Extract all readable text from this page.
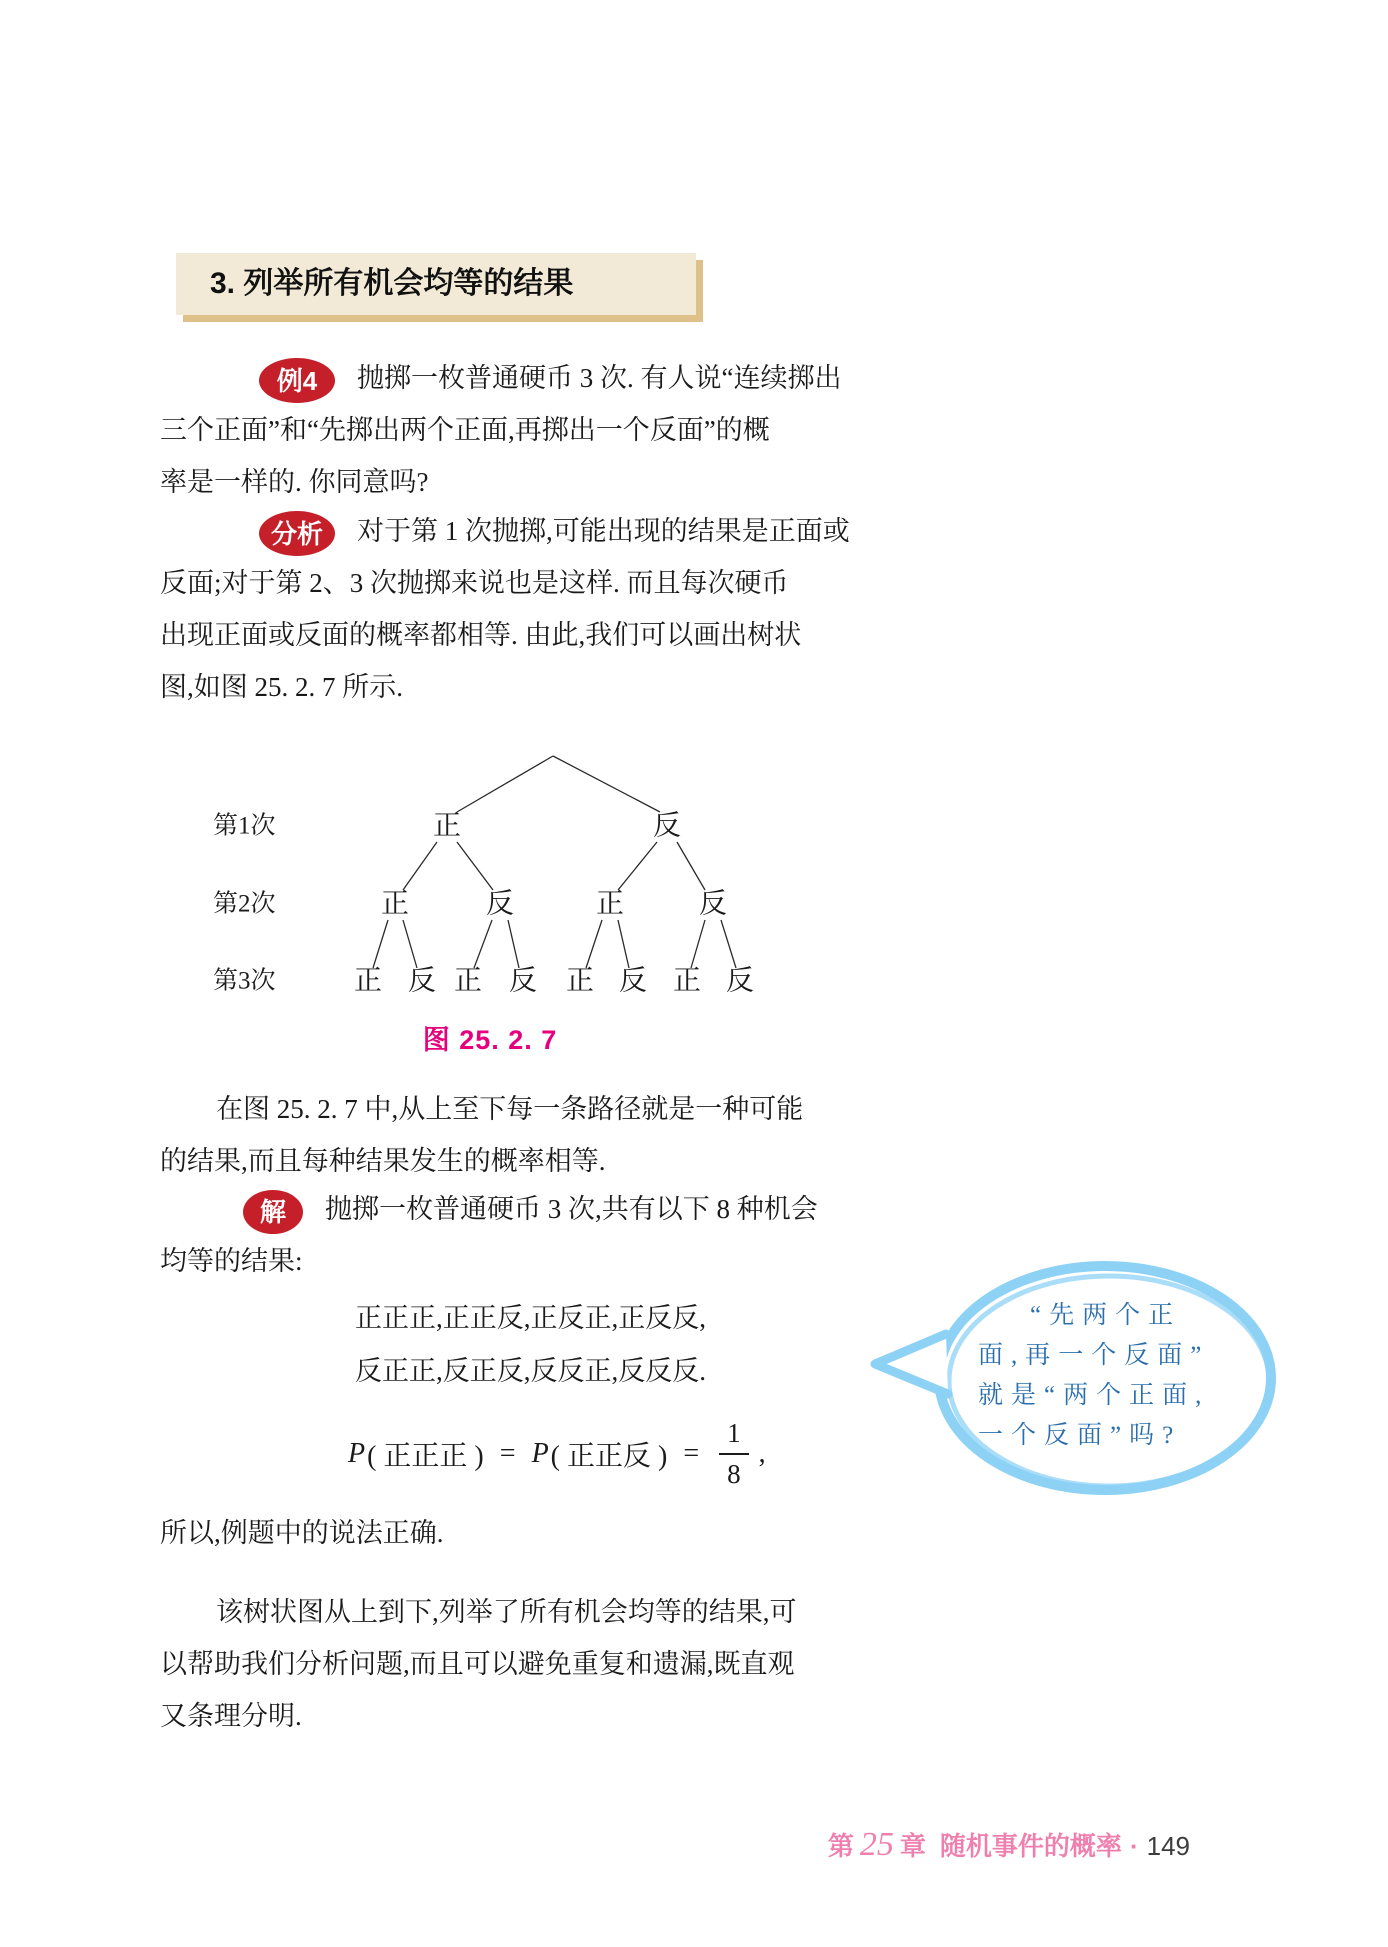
3. 列举所有机会均等的结果
例4 抛掷一枚普通硬币 3 次. 有人说“连续掷出
三个正面”和“先掷出两个正面,再掷出一个反面”的概
率是一样的. 你同意吗?
分析 对于第 1 次抛掷,可能出现的结果是正面或
反面;对于第 2、3 次抛掷来说也是这样. 而且每次硬币
出现正面或反面的概率都相等. 由此,我们可以画出树状
图,如图 25. 2. 7 所示.
第1次
第2次
第3次
正	反
正	反	正	反
正 反 正 反 正 反 正 反
图 25. 2. 7
在图 25. 2. 7 中,从上至下每一条路径就是一种可能
的结果,而且每种结果发生的概率相等.
解 抛掷一枚普通硬币 3 次,共有以下 8 种机会
均等的结果:
正正正,正正反,正反正,正反反,
反正正,反正反,反反正,反反反.
P ( 正正正 ) = P ( 正正反 ) = $\frac{1}{8}$ ,
“先两个正
面,再一个反面”
就是“两个正面,
一个反面”吗?
所以,例题中的说法正确.
该树状图从上到下,列举了所有机会均等的结果,可
以帮助我们分析问题,而且可以避免重复和遗漏,既直观
又条理分明.
第 25 章 随机事件的概率 · 149
